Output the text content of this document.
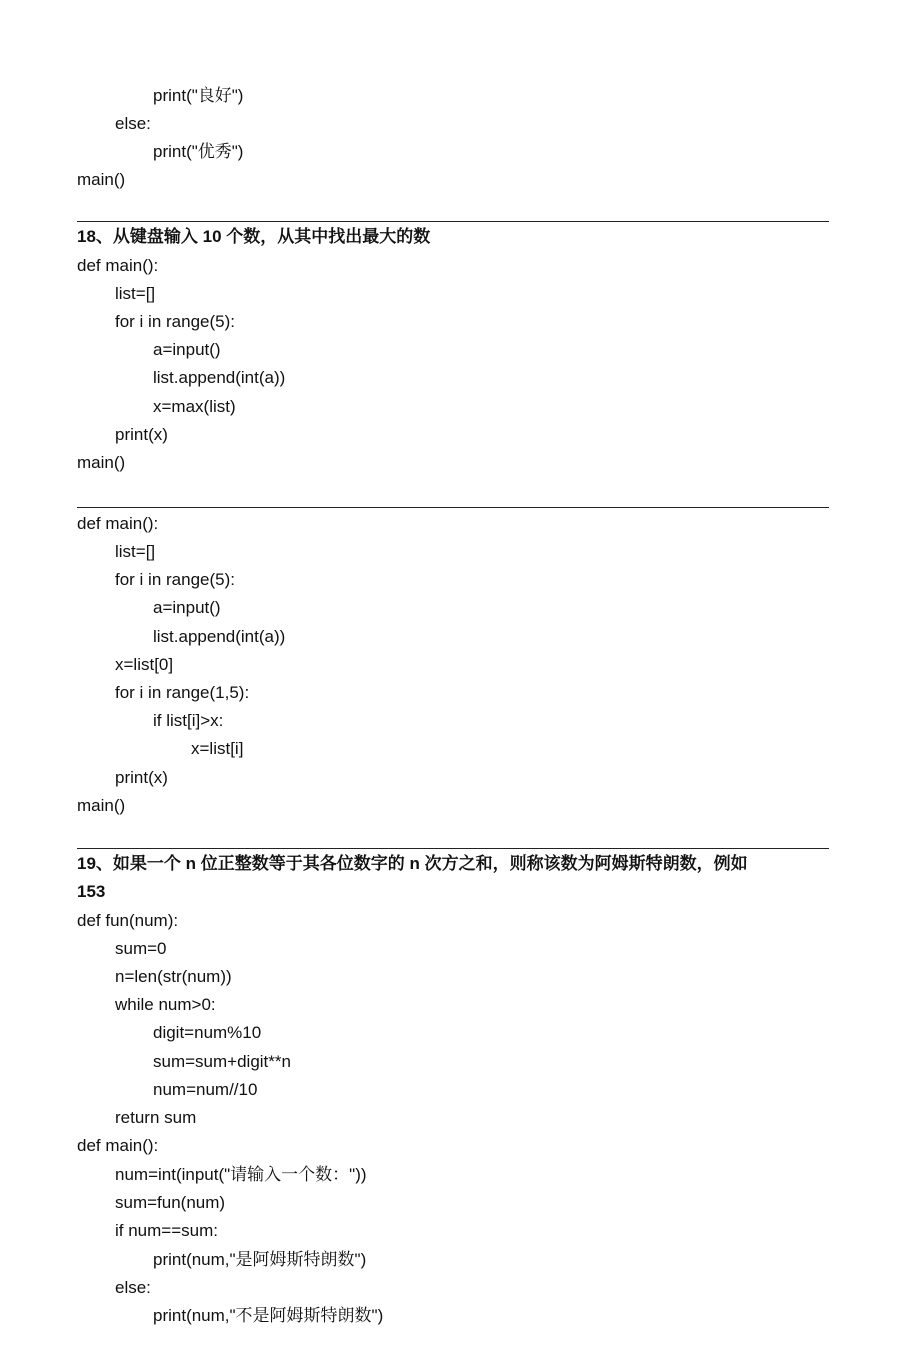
print("良好")
else:
print("优秀")
main()
18、从键盘输入 10 个数，从其中找出最大的数
def main():
list=[]
for i in range(5):
a=input()
list.append(int(a))
x=max(list)
print(x)
main()
def main():
list=[]
for i in range(5):
a=input()
list.append(int(a))
x=list[0]
for i in range(1,5):
if list[i]>x:
x=list[i]
print(x)
main()
19、如果一个 n 位正整数等于其各位数字的 n 次方之和，则称该数为阿姆斯特朗数，例如
153
def fun(num):
sum=0
n=len(str(num))
while num>0:
digit=num%10
sum=sum+digit**n
num=num//10
return sum
def main():
num=int(input("请输入一个数："))
sum=fun(num)
if num==sum:
print(num,"是阿姆斯特朗数")
else:
print(num,"不是阿姆斯特朗数")
